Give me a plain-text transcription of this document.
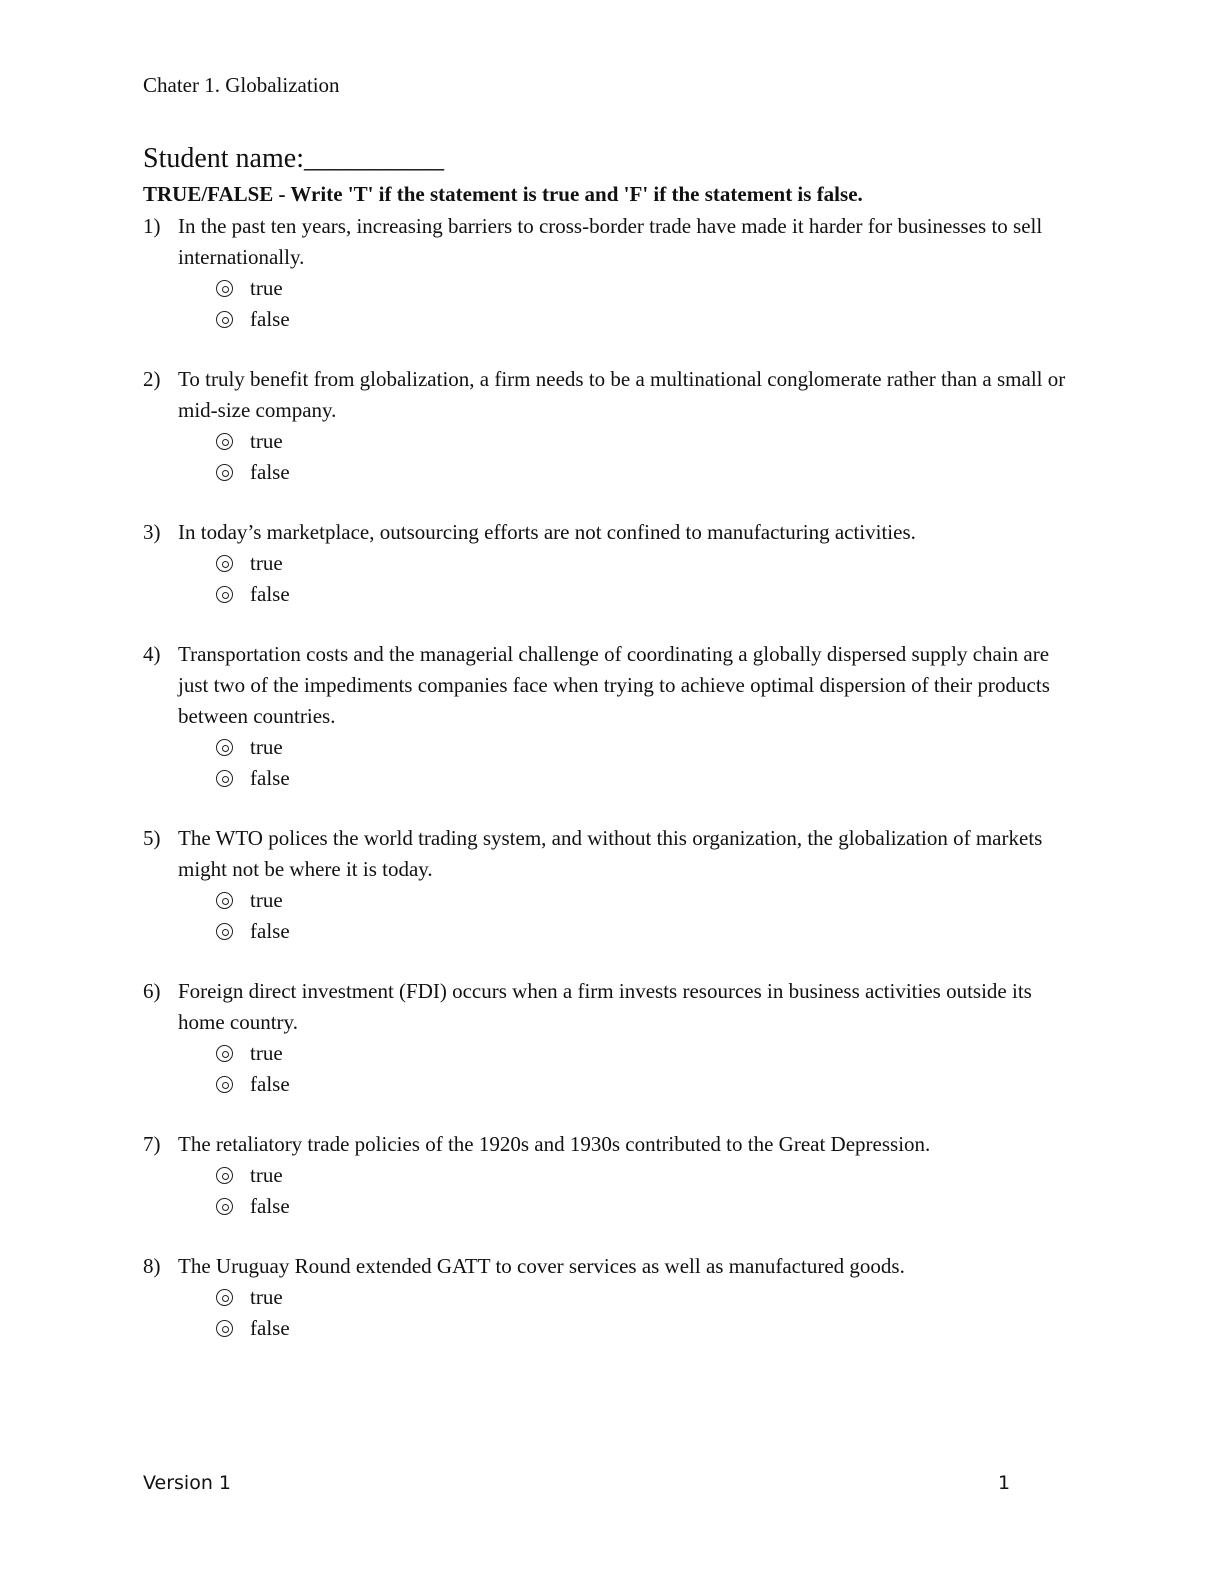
Chater 1. Globalization
Student name:__________
TRUE/FALSE - Write 'T' if the statement is true and 'F' if the statement is false.
1) In the past ten years, increasing barriers to cross-border trade have made it harder for businesses to sell internationally.
true
false
2) To truly benefit from globalization, a firm needs to be a multinational conglomerate rather than a small or mid-size company.
true
false
3) In today’s marketplace, outsourcing efforts are not confined to manufacturing activities.
true
false
4) Transportation costs and the managerial challenge of coordinating a globally dispersed supply chain are just two of the impediments companies face when trying to achieve optimal dispersion of their products between countries.
true
false
5) The WTO polices the world trading system, and without this organization, the globalization of markets might not be where it is today.
true
false
6) Foreign direct investment (FDI) occurs when a firm invests resources in business activities outside its home country.
true
false
7) The retaliatory trade policies of the 1920s and 1930s contributed to the Great Depression.
true
false
8) The Uruguay Round extended GATT to cover services as well as manufactured goods.
true
false
Version 1	1
